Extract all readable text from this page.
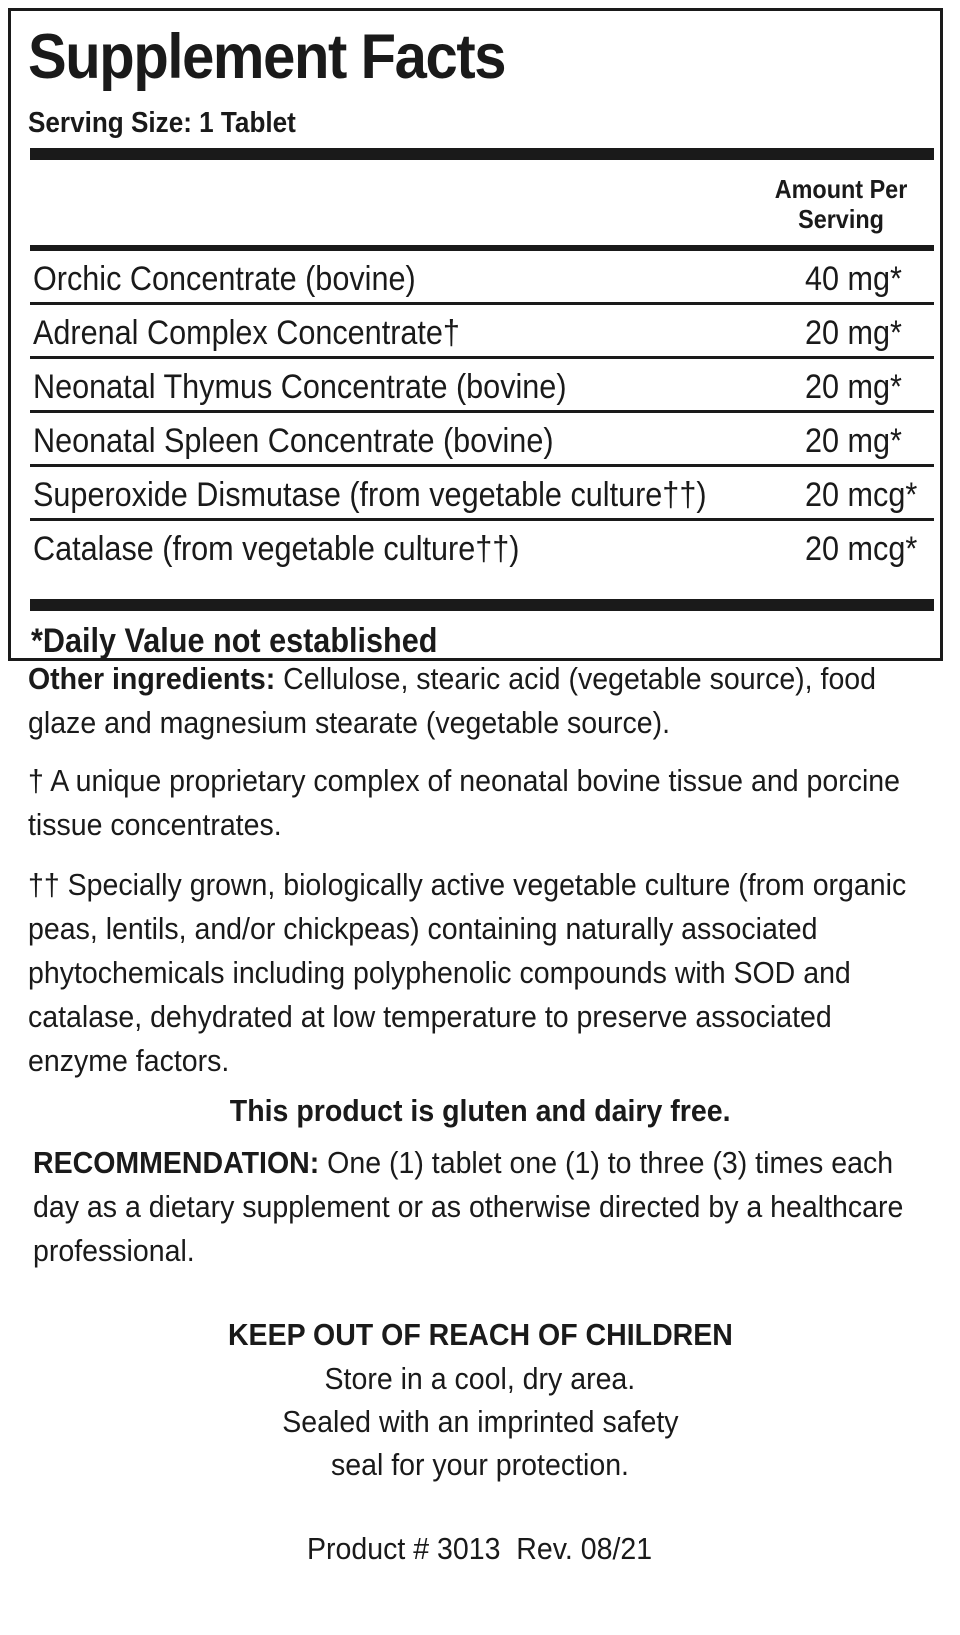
Supplement Facts
Serving Size: 1 Tablet
Amount Per
Serving
Orchic Concentrate (bovine)	40 mg*
Adrenal Complex Concentrate†	20 mg*
Neonatal Thymus Concentrate (bovine)	20 mg*
Neonatal Spleen Concentrate (bovine)	20 mg*
Superoxide Dismutase (from vegetable culture††)	20 mcg*
Catalase (from vegetable culture††)	20 mcg*
*Daily Value not established
Other ingredients: Cellulose, stearic acid (vegetable source), food glaze and magnesium stearate (vegetable source).
† A unique proprietary complex of neonatal bovine tissue and porcine tissue concentrates.
†† Specially grown, biologically active vegetable culture (from organic peas, lentils, and/or chickpeas) containing naturally associated phytochemicals including polyphenolic compounds with SOD and catalase, dehydrated at low temperature to preserve associated enzyme factors.
This product is gluten and dairy free.
RECOMMENDATION: One (1) tablet one (1) to three (3) times each day as a dietary supplement or as otherwise directed by a healthcare professional.
KEEP OUT OF REACH OF CHILDREN
Store in a cool, dry area.
Sealed with an imprinted safety
seal for your protection.
Product # 3013  Rev. 08/21
